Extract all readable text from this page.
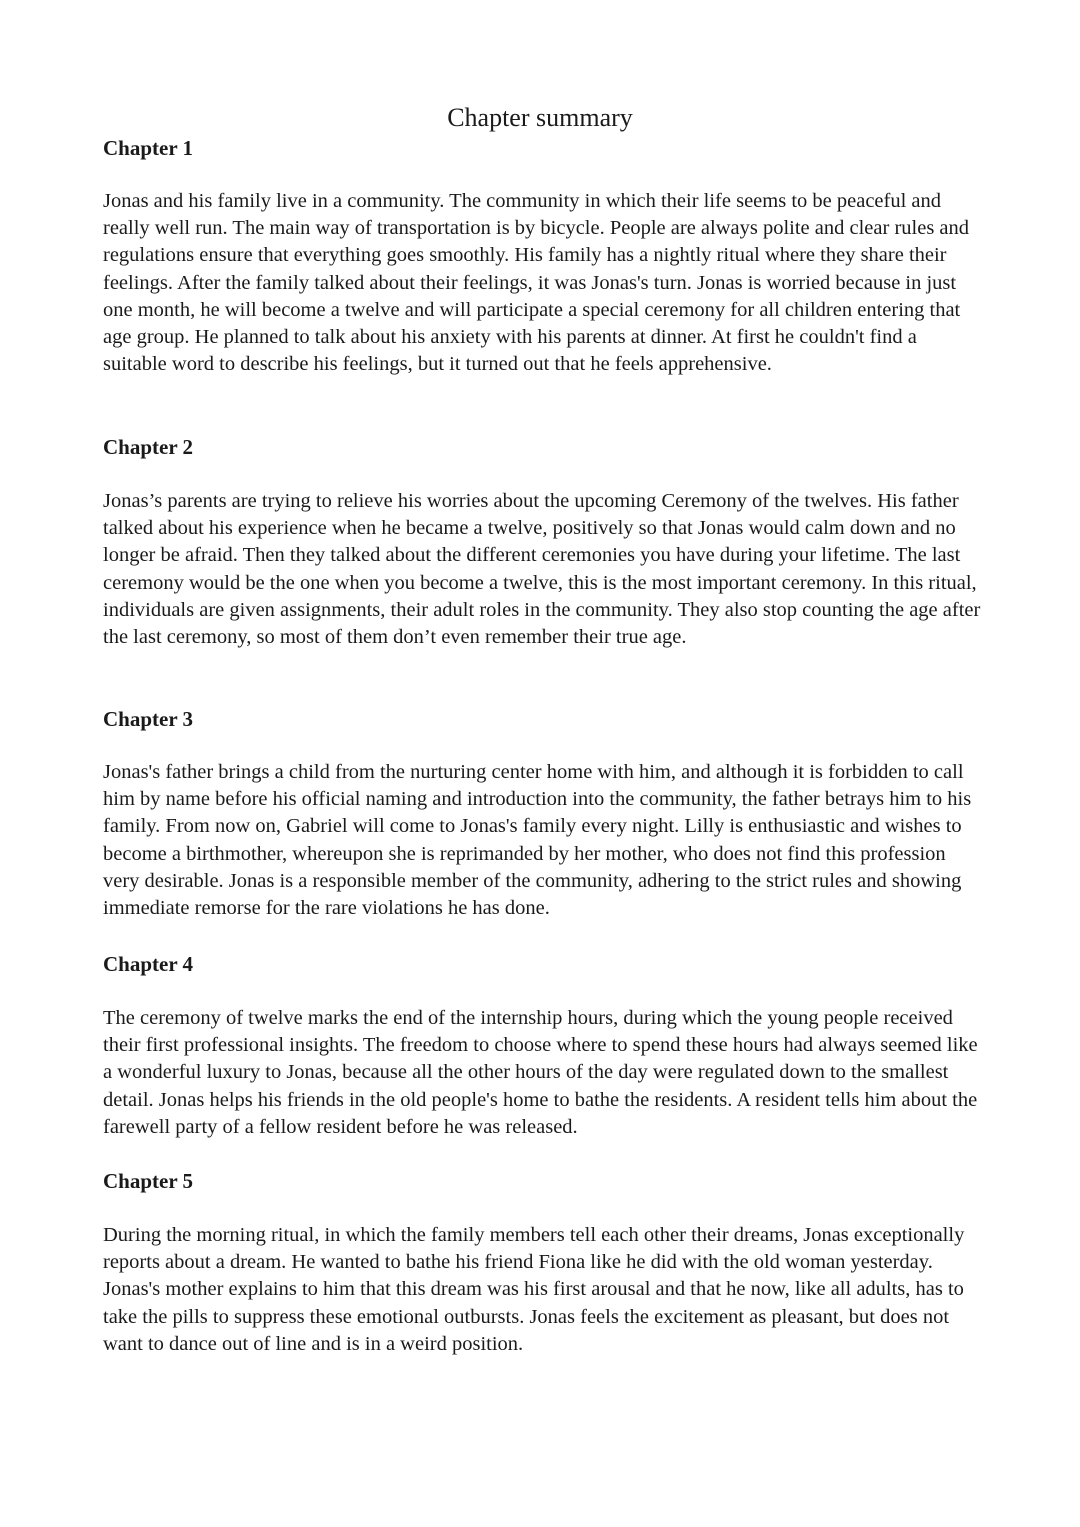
Chapter summary
Chapter 1

Jonas and his family live in a community. The community in which their life seems to be peaceful and really well run. The main way of transportation is by bicycle. People are always polite and clear rules and regulations ensure that everything goes smoothly. His family has a nightly ritual where they share their feelings. After the family talked about their feelings, it was Jonas's turn. Jonas is worried because in just one month, he will become a twelve and will participate a special ceremony for all children entering that age group. He planned to talk about his anxiety with his parents at dinner. At first he couldn't find a suitable word to describe his feelings, but it turned out that he feels apprehensive.

Chapter 2

Jonas’s parents are trying to relieve his worries about the upcoming Ceremony of the twelves. His father talked about his experience when he became a twelve, positively so that Jonas would calm down and no longer be afraid. Then they talked about the different ceremonies you have during your lifetime. The last ceremony would be the one when you become a twelve, this is the most important ceremony. In this ritual, individuals are given assignments, their adult roles in the community. They also stop counting the age after the last ceremony, so most of them don’t even remember their true age.

Chapter 3

Jonas's father brings a child from the nurturing center home with him, and although it is forbidden to call him by name before his official naming and introduction into the community, the father betrays him to his family. From now on, Gabriel will come to Jonas's family every night. Lilly is enthusiastic and wishes to become a birthmother, whereupon she is reprimanded by her mother, who does not find this profession very desirable. Jonas is a responsible member of the community, adhering to the strict rules and showing immediate remorse for the rare violations he has done.

Chapter 4

The ceremony of twelve marks the end of the internship hours, during which the young people received their first professional insights. The freedom to choose where to spend these hours had always seemed like a wonderful luxury to Jonas, because all the other hours of the day were regulated down to the smallest detail. Jonas helps his friends in the old people's home to bathe the residents. A resident tells him about the farewell party of a fellow resident before he was released.

Chapter 5

During the morning ritual, in which the family members tell each other their dreams, Jonas exceptionally reports about a dream. He wanted to bathe his friend Fiona like he did with the old woman yesterday. Jonas's mother explains to him that this dream was his first arousal and that he now, like all adults, has to take the pills to suppress these emotional outbursts. Jonas feels the excitement as pleasant, but does not want to dance out of line and is in a weird position.
